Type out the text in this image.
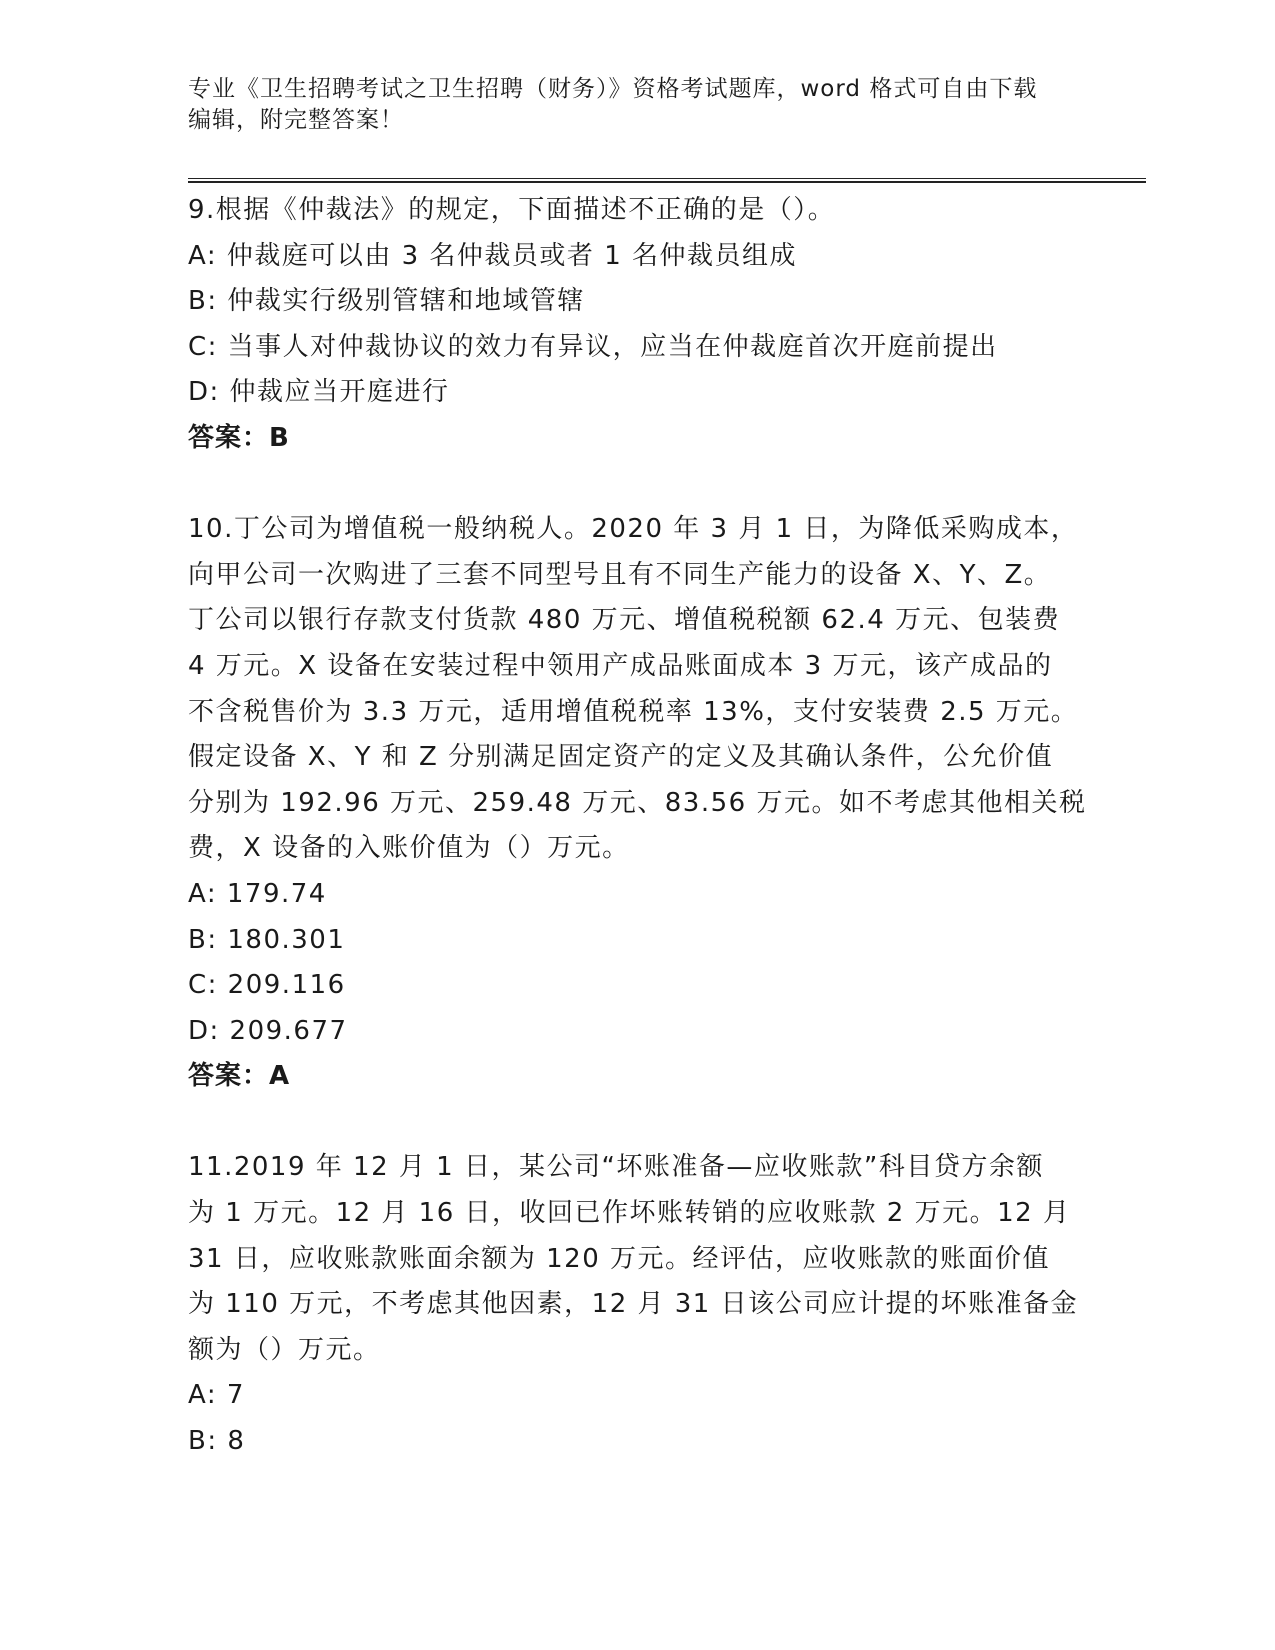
专业《卫生招聘考试之卫生招聘（财务）》资格考试题库，word 格式可自由下载
编辑，附完整答案！
9.根据《仲裁法》的规定，下面描述不正确的是（）。
A: 仲裁庭可以由 3 名仲裁员或者 1 名仲裁员组成
B: 仲裁实行级别管辖和地域管辖
C: 当事人对仲裁协议的效力有异议，应当在仲裁庭首次开庭前提出
D: 仲裁应当开庭进行
答案：B
10.丁公司为增值税一般纳税人。2020 年 3 月 1 日，为降低采购成本，
向甲公司一次购进了三套不同型号且有不同生产能力的设备 X、Y、Z。
丁公司以银行存款支付货款 480 万元、增值税税额 62.4 万元、包装费
4 万元。X 设备在安装过程中领用产成品账面成本 3 万元，该产成品的
不含税售价为 3.3 万元，适用增值税税率 13%，支付安装费 2.5 万元。
假定设备 X、Y 和 Z 分别满足固定资产的定义及其确认条件，公允价值
分别为 192.96 万元、259.48 万元、83.56 万元。如不考虑其他相关税
费，X 设备的入账价值为（）万元。
A: 179.74
B: 180.301
C: 209.116
D: 209.677
答案：A
11.2019 年 12 月 1 日，某公司“坏账准备—应收账款”科目贷方余额
为 1 万元。12 月 16 日，收回已作坏账转销的应收账款 2 万元。12 月
31 日，应收账款账面余额为 120 万元。经评估，应收账款的账面价值
为 110 万元，不考虑其他因素，12 月 31 日该公司应计提的坏账准备金
额为（）万元。
A: 7
B: 8
